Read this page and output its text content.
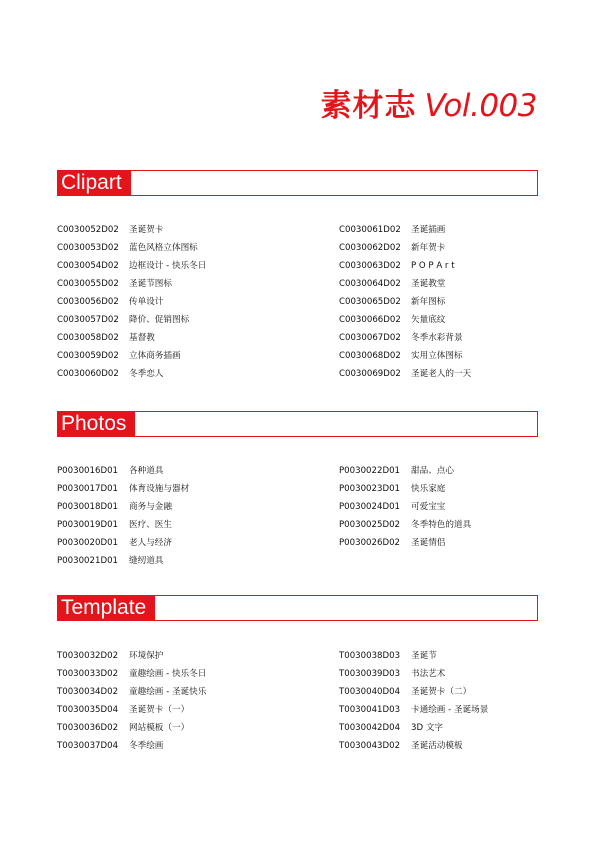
素材志 Vol.003
Clipart
C0030052D02 圣诞贺卡
C0030053D02 蓝色风格立体图标
C0030054D02 边框设计 - 快乐冬日
C0030055D02 圣诞节图标
C0030056D02 传单设计
C0030057D02 降价、促销图标
C0030058D02 基督教
C0030059D02 立体商务插画
C0030060D02 冬季恋人
C0030061D02 圣诞插画
C0030062D02 新年贺卡
C0030063D02 P O P A r t
C0030064D02 圣诞教堂
C0030065D02 新年图标
C0030066D02 矢量底纹
C0030067D02 冬季水彩背景
C0030068D02 实用立体图标
C0030069D02 圣诞老人的一天
Photos
P0030016D01 各种道具
P0030017D01 体育设施与器材
P0030018D01 商务与金融
P0030019D01 医疗、医生
P0030020D01 老人与经济
P0030021D01 缝纫道具
P0030022D01 甜品、点心
P0030023D01 快乐家庭
P0030024D01 可爱宝宝
P0030025D02 冬季特色的道具
P0030026D02 圣诞情侣
Template
T0030032D02 环境保护
T0030033D02 童趣绘画 - 快乐冬日
T0030034D02 童趣绘画 - 圣诞快乐
T0030035D04 圣诞贺卡（一）
T0030036D02 网站模板（一）
T0030037D04 冬季绘画
T0030038D03 圣诞节
T0030039D03 书法艺术
T0030040D04 圣诞贺卡（二）
T0030041D03 卡通绘画 - 圣诞场景
T0030042D04 3D 文字
T0030043D02 圣诞活动模板
